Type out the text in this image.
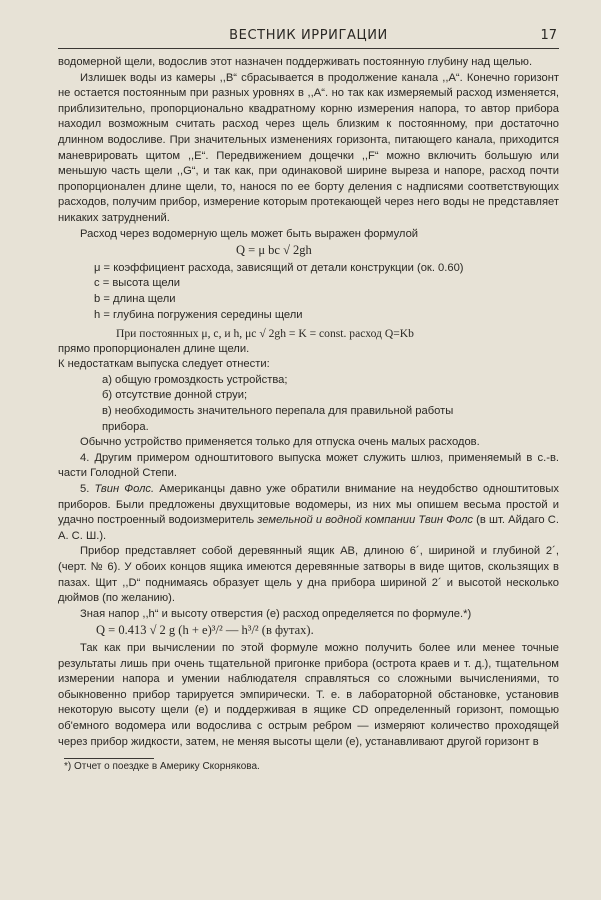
ВЕСТНИК ИРРИГАЦИИ	17

водомерной щели, водослив этот назначен поддерживать постоянную глубину над щелью.

Излишек воды из камеры ,,В“ сбрасывается в продолжение канала ,,А“. Конечно горизонт не остается постоянным при разных уровнях в ,,А“. но так как измеряемый расход изменяется, приблизительно, пропорционально квадратному корню измерения напора, то автор прибора находил возможным считать расход через щель близким к постоянному, при достаточно длинном водосливе. При значительных изменениях горизонта, питающего канала, приходится маневрировать щитом ,,Е“. Передвижением дощечки ,,F“ можно включить большую или меньшую часть щели ,,G“, и так как, при одинаковой ширине выреза и напоре, расход почти пропорционален длине щели, то, нанося по ее борту деления с надписями соответствующих расходов, получим прибор, измерение которым протекающей через него воды не представляет никаких затруднений.

Расход через водомерную щель может быть выражен формулой

Q = μ bc √ 2gh
μ = коэффициент расхода, зависящий от детали конструкции (ок. 0.60)
c = высота щели
b = длина щели
h = глубина погружения середины щели

При постоянных μ, c, и h, μc √ 2gh = K = const. расход Q=Kb

прямо пропорционален длине щели.

К недостаткам выпуска следует отнести:

а) общую громоздкость устройства;
б) отсутствие донной струи;
в) необходимость значительного перепала для правильной работы
прибора.

Обычно устройство применяется только для отпуска очень малых расходов.

4. Другим примером одноштитового выпуска может служить шлюз, применяемый в с.-в. части Голодной Степи.

5. Твин Фолс. Американцы давно уже обратили внимание на неудобство одноштитовых приборов. Были предложены двухщитовые водомеры, из них мы опишем весьма простой и удачно построенный водоизмеритель земельной и водной компании Твин Фолс (в шт. Айдаго С. А. С. Ш.).

Прибор представляет собой деревянный ящик АВ, длиною 6´, шириной и глубиной 2´, (черт. № 6). У обоих концов ящика имеются деревянные затворы в виде щитов, скользящих в пазах. Щит ,,D“ поднимаясь образует щель у дна прибора шириной 2´ и высотой несколько дюймов (по желанию).

Зная напор ,,h“ и высоту отверстия (e) расход определяется по формуле.*)

Q = 0.413 √ 2 g (h + e)³/² — h³/² (в футах).

Так как при вычислении по этой формуле можно получить более или менее точные результаты лишь при очень тщательной пригонке прибора (острота краев и т. д.), тщательном измерении напора и умении наблюдателя справляться со сложными вычислениями, то обыкновенно прибор тарируется эмпирически. Т. е. в лабораторной обстановке, установив некоторую высоту щели (e) и поддерживая в ящике CD определенный горизонт, помощью об'емного водомера или водослива с острым ребром — измеряют количество проходящей через прибор жидкости, затем, не меняя высоты щели (e), устанавливают другой горизонт в

*) Отчет о поездке в Америку Скорнякова.
